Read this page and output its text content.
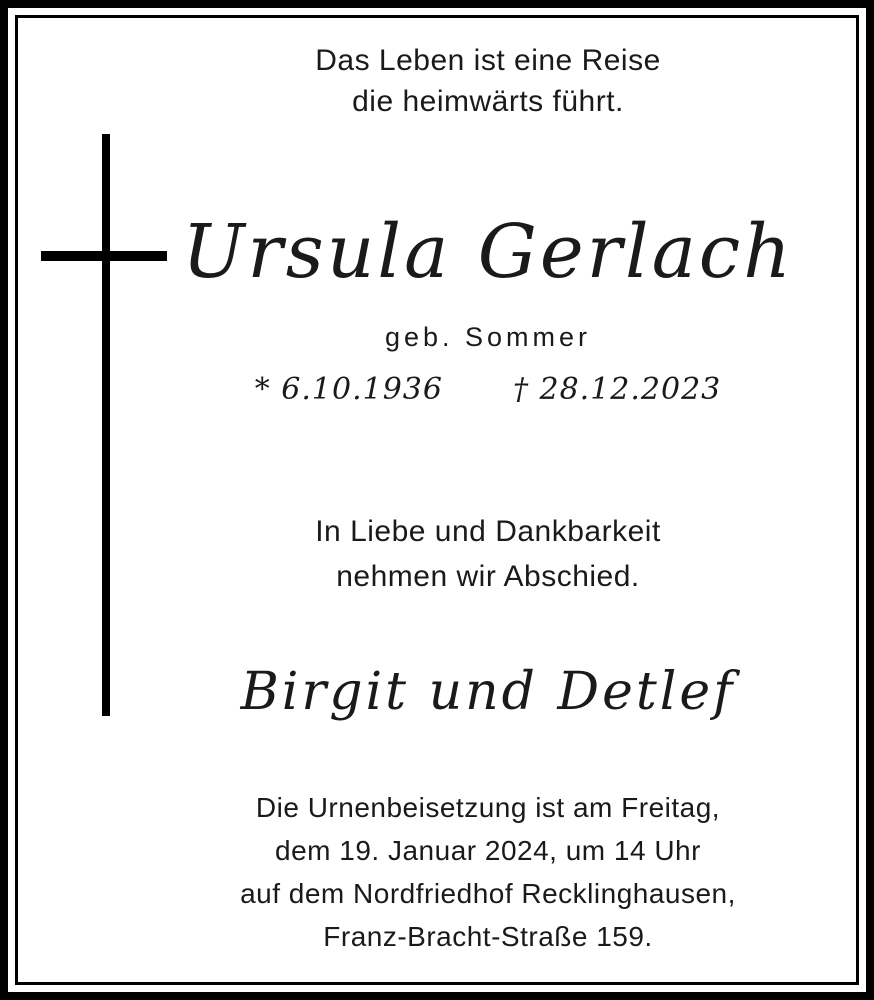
Das Leben ist eine Reise
die heimwärts führt.
Ursula Gerlach
geb. Sommer
* 6.10.1936 † 28.12.2023
In Liebe und Dankbarkeit
nehmen wir Abschied.
Birgit und Detlef
Die Urnenbeisetzung ist am Freitag,
dem 19. Januar 2024, um 14 Uhr
auf dem Nordfriedhof Recklinghausen,
Franz-Bracht-Straße 159.
